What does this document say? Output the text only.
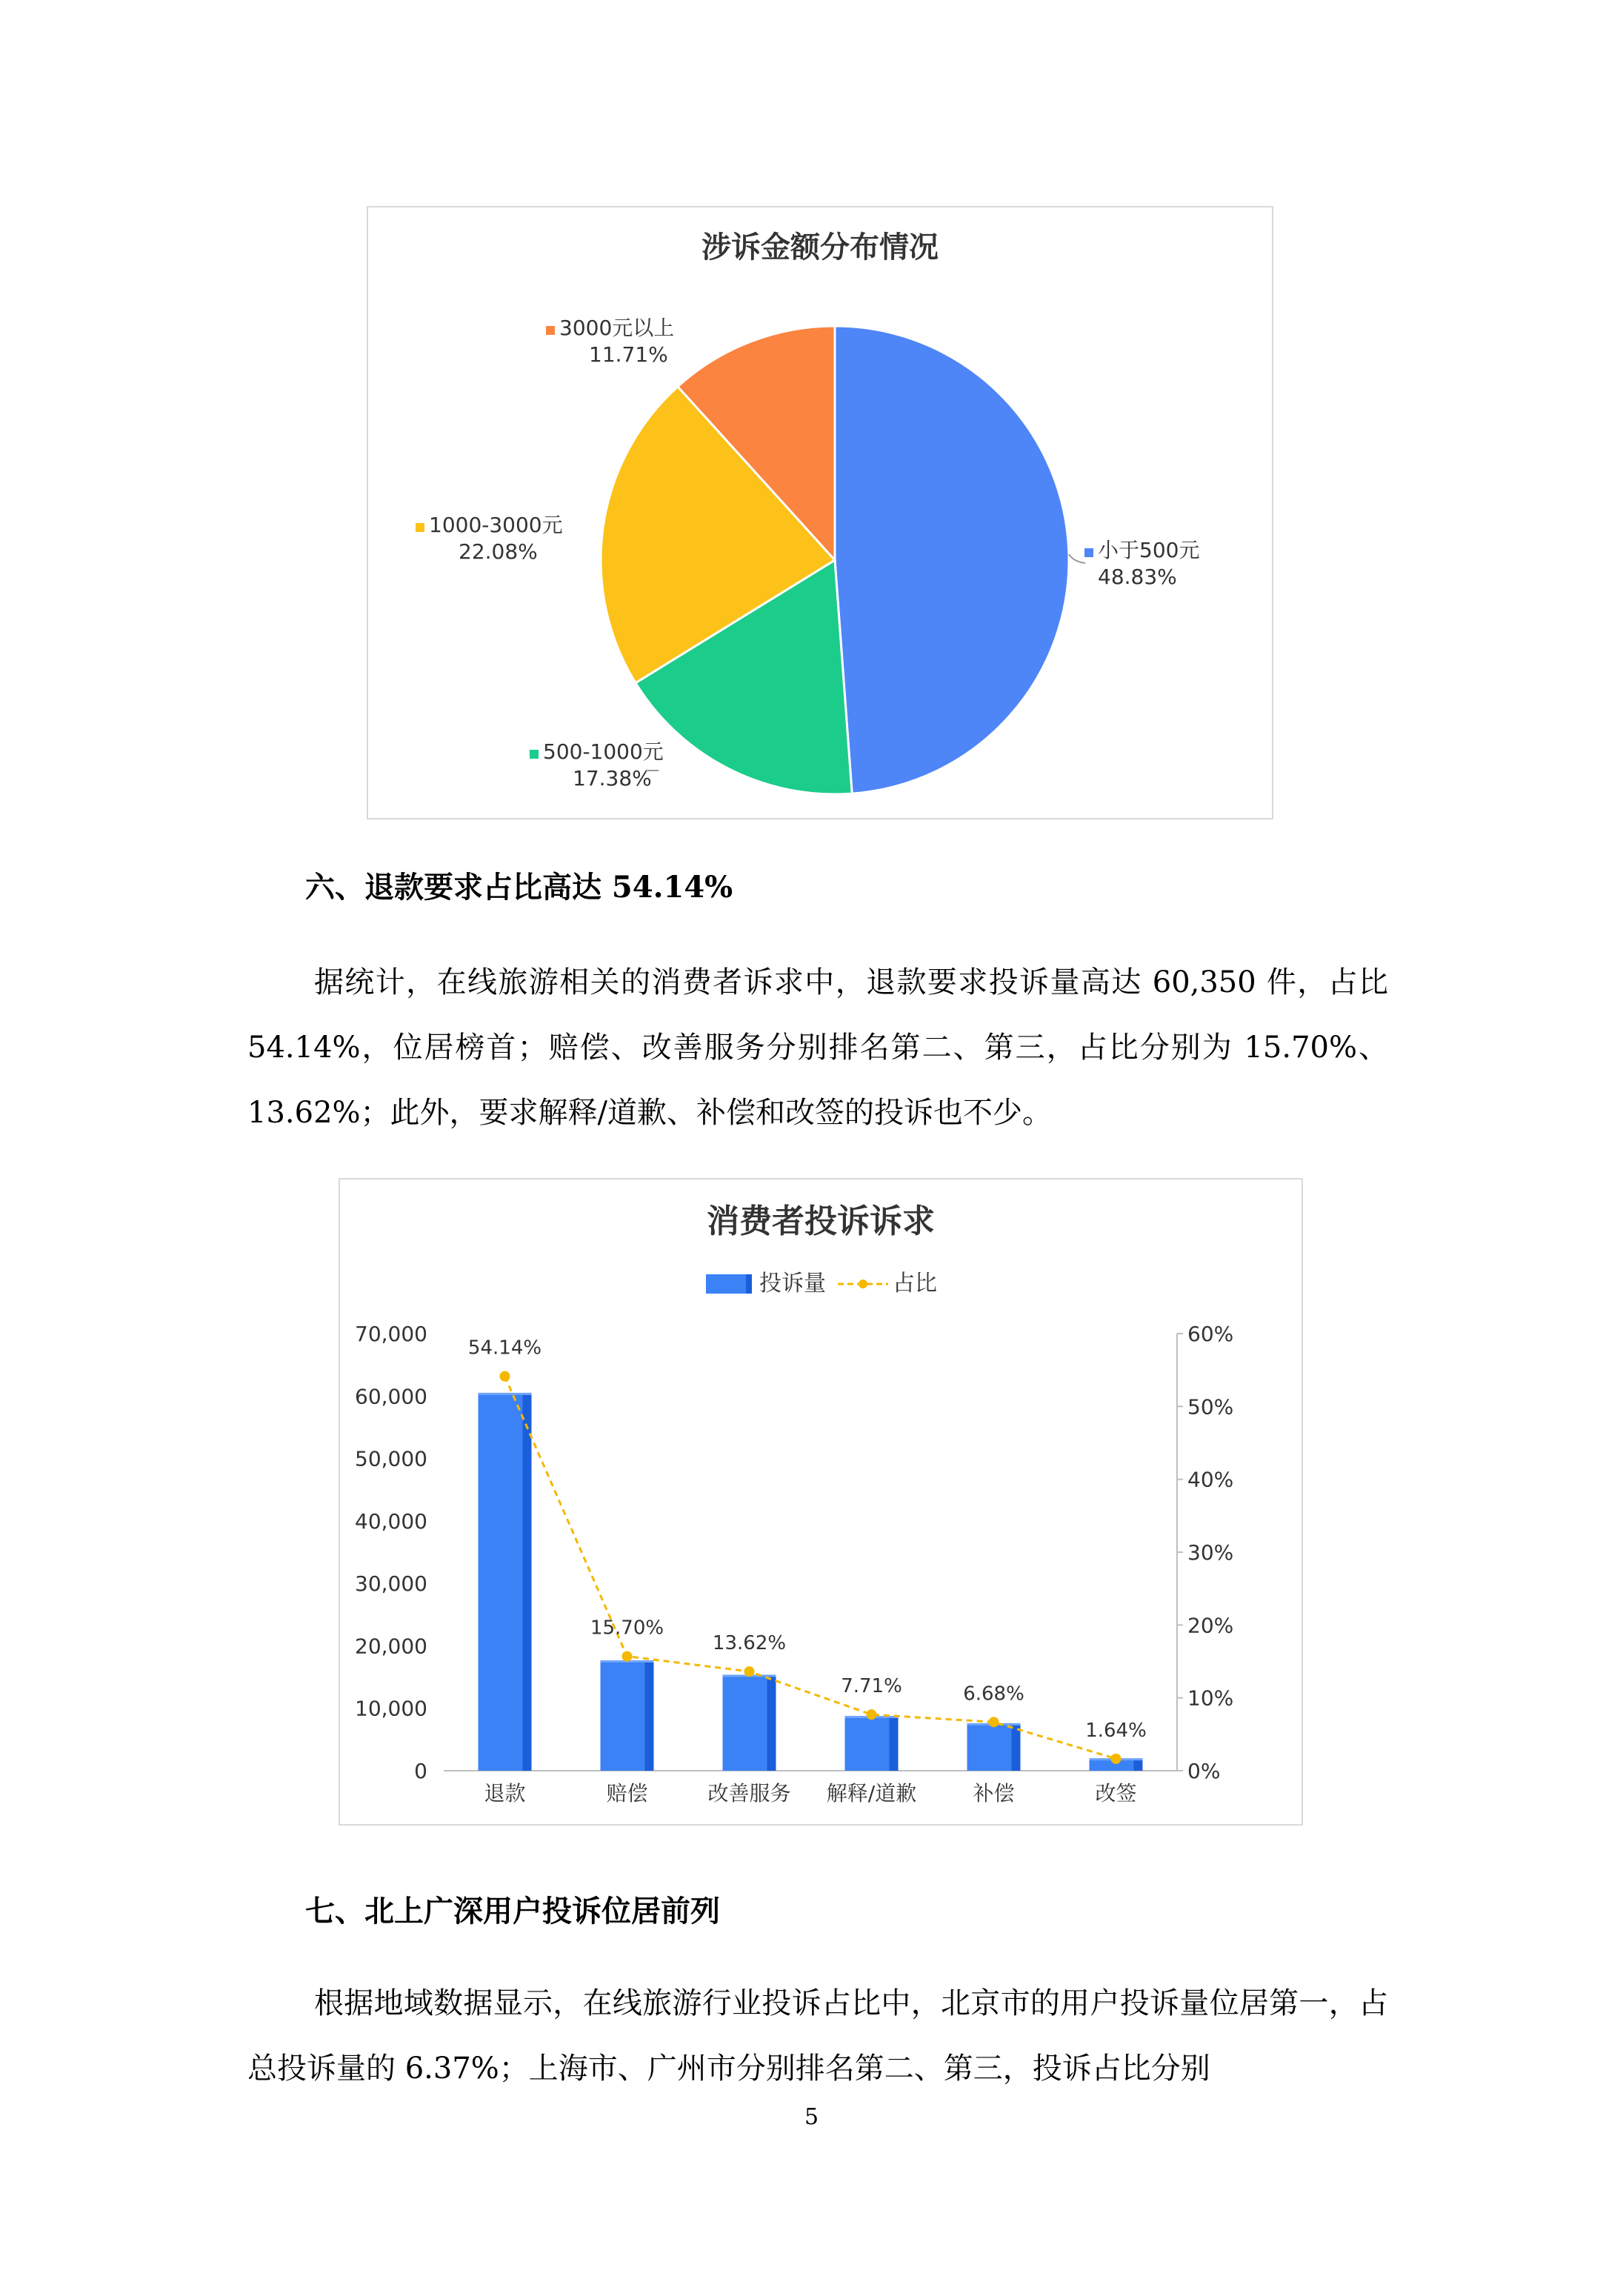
涉诉金额分布情况
小于500元
48.83%
500-1000元
17.38%
1000-3000元
22.08%
3000元以上
11.71%
六、退款要求占比高达 54.14%

据统计，在线旅游相关的消费者诉求中，退款要求投诉量高达 60,350 件，占比 54.14%，位居榜首；赔偿、改善服务分别排名第二、第三，占比分别为 15.70%、13.62%；此外，要求解释/道歉、补偿和改签的投诉也不少。

消费者投诉诉求
投诉量	占比
70,000
60,000
50,000
40,000
30,000
20,000
10,000
0
60%
50%
40%
30%
20%
10%
0%
退款	赔偿	改善服务 解释/道歉	补偿	改签
54.14%
15.70%
13.62%
7.71%	6.68%
1.64%
七、北上广深用户投诉位居前列

根据地域数据显示，在线旅游行业投诉占比中，北京市的用户投诉量位居第一，占总投诉量的 6.37%；上海市、广州市分别排名第二、第三，投诉占比分别

5
